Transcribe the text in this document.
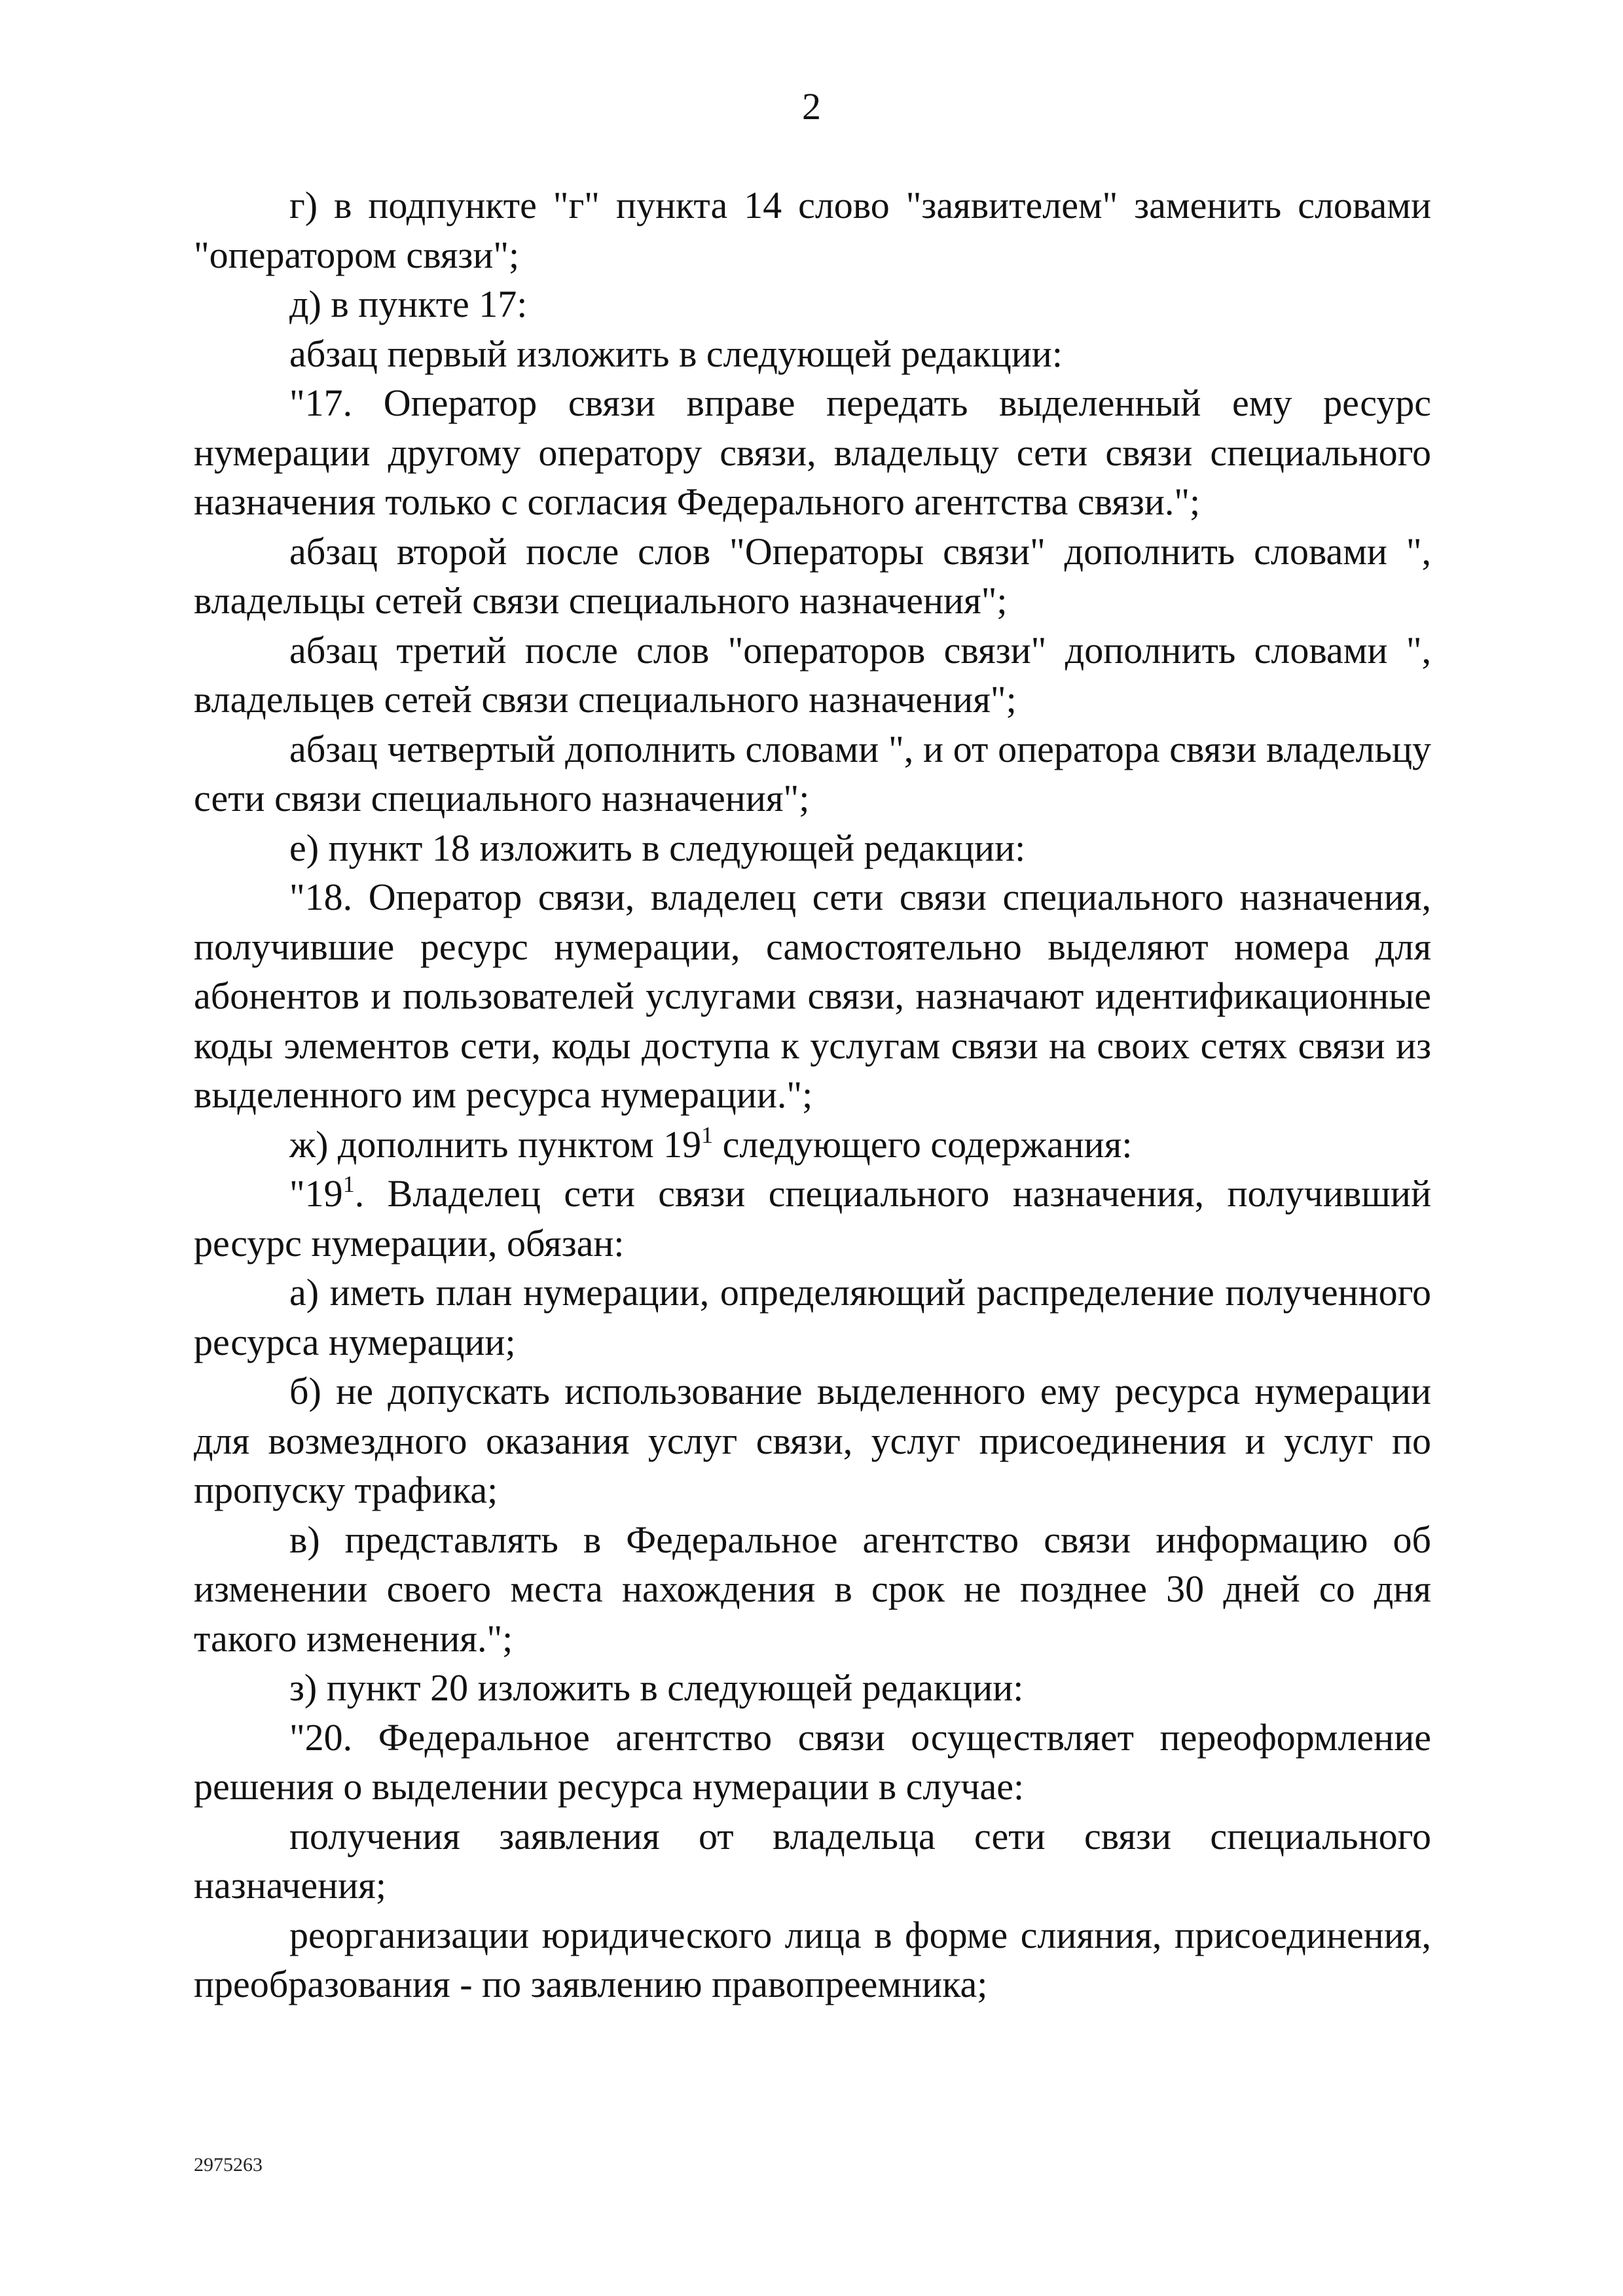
2

г) в подпункте "г" пункта 14 слово "заявителем" заменить словами "оператором связи";

д) в пункте 17:

абзац первый изложить в следующей редакции:

"17. Оператор связи вправе передать выделенный ему ресурс нумерации другому оператору связи, владельцу сети связи специального назначения только с согласия Федерального агентства связи.";

абзац второй после слов "Операторы связи" дополнить словами ", владельцы сетей связи специального назначения";

абзац третий после слов "операторов связи" дополнить словами ", владельцев сетей связи специального назначения";

абзац четвертый дополнить словами ", и от оператора связи владельцу сети связи специального назначения";

е) пункт 18 изложить в следующей редакции:

"18. Оператор связи, владелец сети связи специального назначения, получившие ресурс нумерации, самостоятельно выделяют номера для абонентов и пользователей услугами связи, назначают идентификационные коды элементов сети, коды доступа к услугам связи на своих сетях связи из выделенного им ресурса нумерации.";

ж) дополнить пунктом $19^1$ следующего содержания:

"$19^1$. Владелец сети связи специального назначения, получивший ресурс нумерации, обязан:

а) иметь план нумерации, определяющий распределение полученного ресурса нумерации;

б) не допускать использование выделенного ему ресурса нумерации для возмездного оказания услуг связи, услуг присоединения и услуг по пропуску трафика;

в) представлять в Федеральное агентство связи информацию об изменении своего места нахождения в срок не позднее 30 дней со дня такого изменения.";

з) пункт 20 изложить в следующей редакции:

"20. Федеральное агентство связи осуществляет переоформление решения о выделении ресурса нумерации в случае:

получения заявления от владельца сети связи специального назначения;

реорганизации юридического лица в форме слияния, присоединения, преобразования - по заявлению правопреемника;

2975263
